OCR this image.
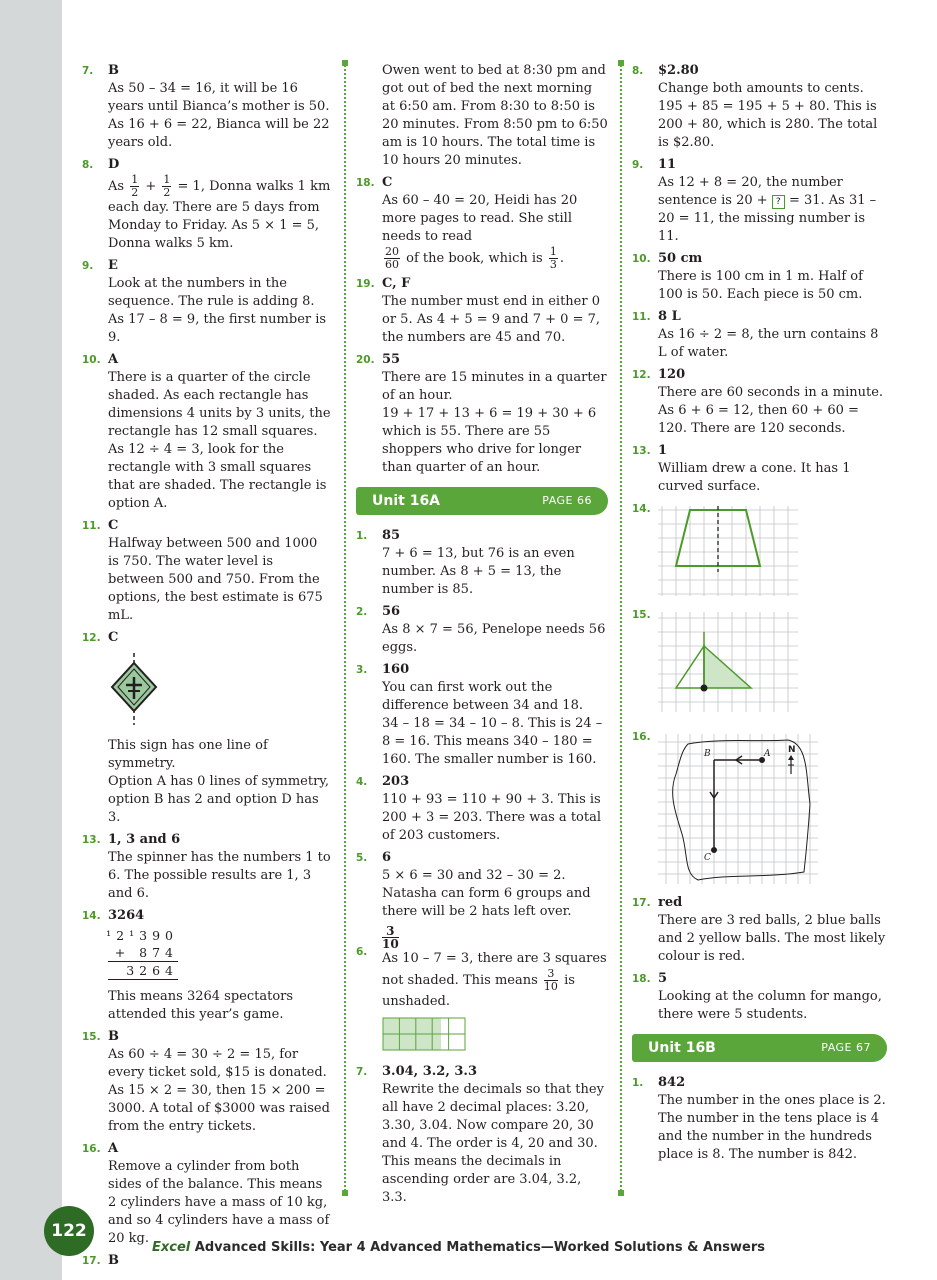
7. B

As 50 – 34 = 16, it will be 16 years until Bianca’s mother is 50.

As 16 + 6 = 22, Bianca will be 22 years old.

8. D

As $\frac{1}{2} + \frac{1}{2} = 1$, Donna walks 1 km

each day. There are 5 days from Monday to Friday. As 5 × 1 = 5, Donna walks 5 km.

9. E

Look at the numbers in the sequence. The rule is adding 8.

As 17 – 8 = 9, the first number is 9.

10. A

There is a quarter of the circle shaded. As each rectangle has dimensions 4 units by 3 units, the rectangle has 12 small squares. As 12 ÷ 4 = 3, look for the rectangle with 3 small squares that are shaded. The rectangle is option A.

11. C

Halfway between 500 and 1000 is 750. The water level is between 500 and 750. From the options, the best estimate is 675 mL.

12. C

This sign has one line of symmetry.

Option A has 0 lines of symmetry, option B has 2 and option D has 3.

13. 1, 3 and 6

The spinner has the numbers 1 to 6. The possible results are 1, 3 and 6.

14. 3264
¹2¹390
+ 874
3264

This means 3264 spectators attended this year’s game.

15. B

As 60 ÷ 4 = 30 ÷ 2 = 15, for every ticket sold, $15 is donated.

As 15 × 2 = 30, then 15 × 200 = 3000. A total of $3000 was raised from the entry tickets.

16. A

Remove a cylinder from both sides of the balance. This means 2 cylinders have a mass of 10 kg, and so 4 cylinders have a mass of 20 kg.

17. B

Owen went to bed at 8:30 pm and got out of bed the next morning at 6:50 am. From 8:30 to 8:50 is 20 minutes. From 8:50 pm to 6:50 am is 10 hours. The total time is 10 hours 20 minutes.

18. C

As 60 – 40 = 20, Heidi has 20 more pages to read. She still needs to read

$\frac{20}{60}$ of the book, which is $\frac{1}{3}$ .

19. C, F

The number must end in either 0 or 5. As 4 + 5 = 9 and 7 + 0 = 7, the numbers are 45 and 70.

20. 55

There are 15 minutes in a quarter of an hour.

19 + 17 + 13 + 6 = 19 + 30 + 6 which is 55. There are 55 shoppers who drive for longer than quarter of an hour.

Unit 16A	PAGE 66
1. 85

7 + 6 = 13, but 76 is an even number. As 8 + 5 = 13, the number is 85.

2. 56

As 8 × 7 = 56, Penelope needs 56 eggs.

3. 160

You can first work out the difference between 34 and 18.

34 – 18 = 34 – 10 – 8. This is 24 – 8 = 16. This means 340 – 180 = 160. The smaller number is 160.

4. 203

110 + 93 = 110 + 90 + 3. This is 200 + 3 = 203. There was a total of 203 customers.

5. 6

5 × 6 = 30 and 32 – 30 = 2. Natasha can form 6 groups and there will be 2 hats left over.

6.
$\frac{3}{10}$

As 10 – 7 = 3, there are 3 squares not shaded. This means $\frac{3}{10}$ is unshaded.

7. 3.04, 3.2, 3.3

Rewrite the decimals so that they all have 2 decimal places: 3.20, 3.30, 3.04. Now compare 20, 30 and 4. The order is 4, 20 and 30. This means the decimals in ascending order are 3.04, 3.2, 3.3.

8. $2.80

Change both amounts to cents.

195 + 85 = 195 + 5 + 80. This is 200 + 80, which is 280. The total is $2.80.

9. 11

As 12 + 8 = 20, the number sentence is 20 + ? = 31. As 31 – 20 = 11, the missing number is 11.

10. 50 cm

There is 100 cm in 1 m. Half of 100 is 50. Each piece is 50 cm.

11. 8 L

As 16 ÷ 2 = 8, the urn contains 8 L of water.

12. 120

There are 60 seconds in a minute. As 6 + 6 = 12, then 60 + 60 = 120. There are 120 seconds.

13. 1

William drew a cone. It has 1 curved surface.

14.
15.
16.
A
B
C
N
17. red

There are 3 red balls, 2 blue balls and 2 yellow balls. The most likely colour is red.

18. 5

Looking at the column for mango, there were 5 students.

Unit 16B	PAGE 67
1. 842

The number in the ones place is 2. The number in the tens place is 4 and the number in the hundreds place is 8. The number is 842.

122
Excel Advanced Skills: Year 4 Advanced Mathematics—Worked Solutions & Answers
